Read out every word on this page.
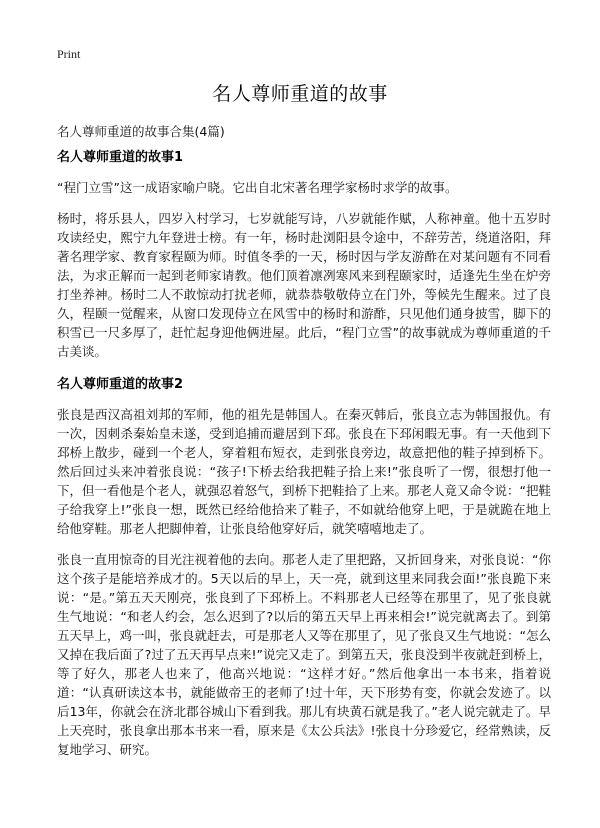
Print
名人尊师重道的故事

名人尊师重道的故事合集(4篇)

名人尊师重道的故事1

“程门立雪”这一成语家喻户晓。它出自北宋著名理学家杨时求学的故事。

杨时，将乐县人，四岁入村学习，七岁就能写诗，八岁就能作赋，人称神童。他十五岁时攻读经史，熙宁九年登进士榜。有一年，杨时赴浏阳县令途中，不辞劳苦，绕道洛阳，拜著名理学家、教育家程颐为师。时值冬季的一天，杨时因与学友游酢在对某问题有不同看法，为求正解而一起到老师家请教。他们顶着凛冽寒风来到程颐家时，适逢先生坐在炉旁打坐养神。杨时二人不敢惊动打扰老师，就恭恭敬敬侍立在门外，等候先生醒来。过了良久，程颐一觉醒来，从窗口发现侍立在风雪中的杨时和游酢，只见他们通身披雪，脚下的积雪已一尺多厚了，赶忙起身迎他俩进屋。此后，“程门立雪”的故事就成为尊师重道的千古美谈。

名人尊师重道的故事2

张良是西汉高祖刘邦的军师，他的祖先是韩国人。在秦灭韩后，张良立志为韩国报仇。有一次，因刺杀秦始皇未遂，受到追捕而避居到下邳。张良在下邳闲暇无事。有一天他到下邳桥上散步，碰到一个老人，穿着粗布短衣，走到张良旁边，故意把他的鞋子掉到桥下。然后回过头来冲着张良说：“孩子!下桥去给我把鞋子拾上来!”张良听了一愣，很想打他一下，但一看他是个老人，就强忍着怒气，到桥下把鞋拾了上来。那老人竟又命令说：“把鞋子给我穿上!”张良一想，既然已经给他拾来了鞋子，不如就给他穿上吧，于是就跪在地上给他穿鞋。那老人把脚伸着，让张良给他穿好后，就笑嘻嘻地走了。

张良一直用惊奇的目光注视着他的去向。那老人走了里把路，又折回身来，对张良说：“你这个孩子是能培养成才的。5天以后的早上，天一亮，就到这里来同我会面!”张良跪下来说：“是。”第五天天刚亮，张良到了下邳桥上。不料那老人已经等在那里了，见了张良就生气地说：“和老人约会，怎么迟到了?以后的第五天早上再来相会!”说完就离去了。到第五天早上，鸡一叫，张良就赶去，可是那老人又等在那里了，见了张良又生气地说：“怎么又掉在我后面了?过了五天再早点来!”说完又走了。到第五天，张良没到半夜就赶到桥上，等了好久，那老人也来了，他高兴地说：“这样才好。”然后他拿出一本书来，指着说道：“认真研读这本书，就能做帝王的老师了!过十年，天下形势有变，你就会发迹了。以后13年，你就会在济北郡谷城山下看到我。那儿有块黄石就是我了。”老人说完就走了。早上天亮时，张良拿出那本书来一看，原来是《太公兵法》!张良十分珍爱它，经常熟读，反复地学习、研究。
